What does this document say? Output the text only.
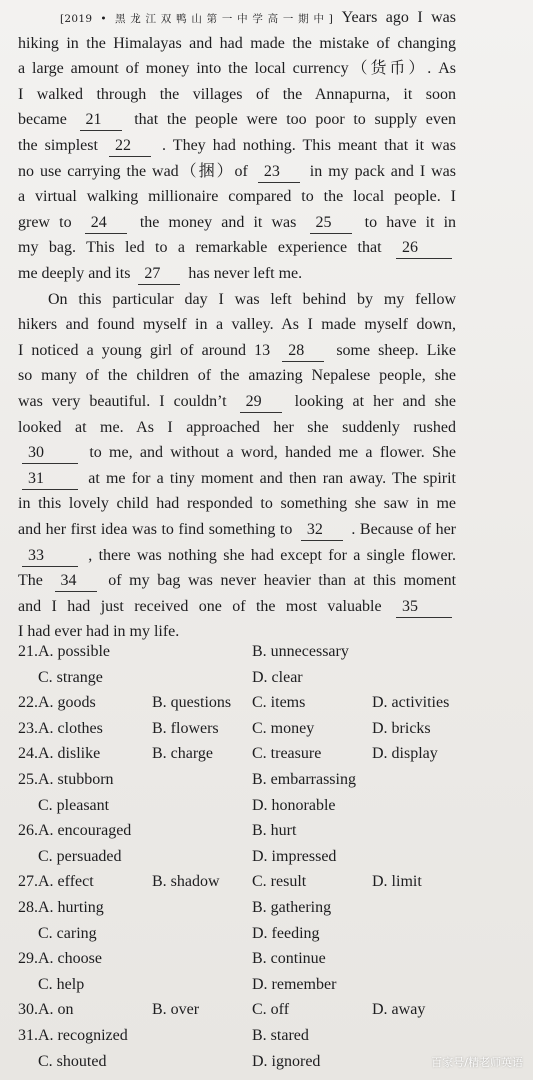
[2019 • 黑龙江双鸭山第一中学高一期中] Years ago I was
hiking in the Himalayas and had made the mistake of changing
a large amount of money into the local currency（货币）. As
I walked through the villages of the Annapurna, it soon
became 21 that the people were too poor to supply even
the simplest 22 . They had nothing. This meant that it was
no use carrying the wad（捆）of 23 in my pack and I was
a virtual walking millionaire compared to the local people. I
grew to 24 the money and it was 25 to have it in
my bag. This led to a remarkable experience that 26
me deeply and its 27 has never left me.
On this particular day I was left behind by my fellow
hikers and found myself in a valley. As I made myself down,
I noticed a young girl of around 13 28 some sheep. Like
so many of the children of the amazing Nepalese people, she
was very beautiful. I couldn’t 29 looking at her and she
looked at me. As I approached her she suddenly rushed
30	to me, and without a word, handed me a flower. She
31	at me for a tiny moment and then ran away. The spirit
in this lovely child had responded to something she saw in me
and her first idea was to find something to 32 . Because of her
33	, there was nothing she had except for a single flower.
The 34 of my bag was never heavier than at this moment
and I had just received one of the most valuable 35
I had ever had in my life.
21. A. possible	B. unnecessary
C. strange	D. clear
22. A. goods	B. questions C. items	D. activities
23. A. clothes	B. flowers C. money	D. bricks
24. A. dislike	B. charge C. treasure	D. display
25. A. stubborn	B. embarrassing
C. pleasant	D. honorable
26. A. encouraged	B. hurt
C. persuaded	D. impressed
27. A. effect	B. shadow C. result	D. limit
28. A. hurting	B. gathering
C. caring	D. feeding
29. A. choose	B. continue
C. help	D. remember
30. A. on	B. over	C. off	D. away
31. A. recognized	B. stared
C. shouted	D. ignored	百家号/精老师英语
